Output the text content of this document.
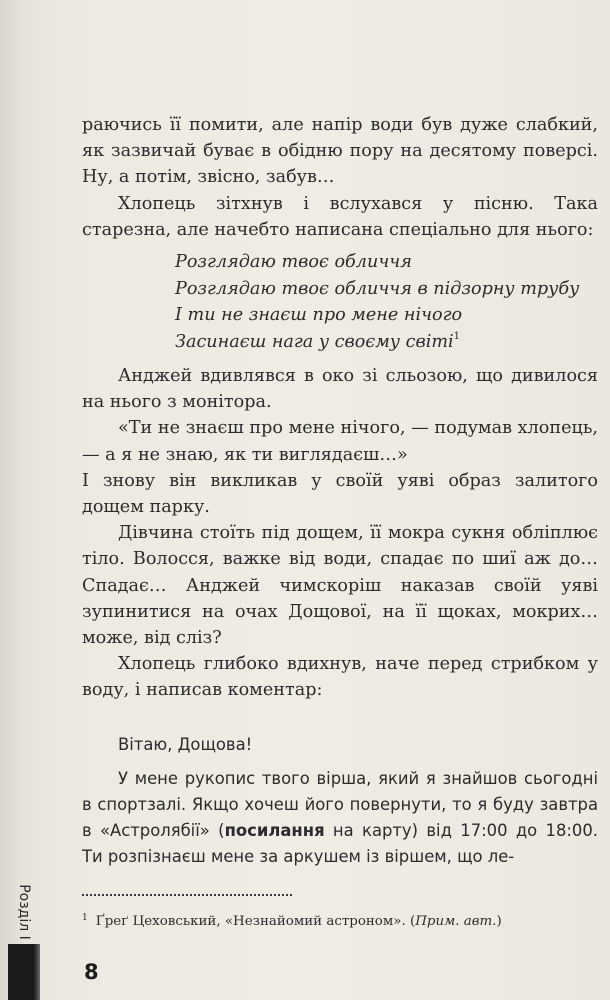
раючись її помити, але напір води був дуже слабкий, як зазвичай буває в обідню пору на десятому поверсі. Ну, а потім, звісно, забув…

Хлопець зітхнув і вслухався у пісню. Така старезна, але начебто написана спеціально для нього:

Розглядаю твоє обличчя
Розглядаю твоє обличчя в підзорну трубу
І ти не знаєш про мене нічого
Засинаєш нага у своєму світі$^1$

Анджей вдивлявся в око зі сльозою, що дивилося на нього з монітора.

«Ти не знаєш про мене нічого, — подумав хлопець, — а я не знаю, як ти виглядаєш…»

І знову він викликав у своїй уяві образ залитого дощем парку.

Дівчина стоїть під дощем, її мокра сукня обліплює тіло. Волосся, важке від води, спадає по шиї аж до… Спадає… Анджей чимскоріш наказав своїй уяві зупинитися на очах Дощової, на її щоках, мокрих… може, від сліз?

Хлопець глибоко вдихнув, наче перед стрибком у воду, і написав коментар:

Вітаю, Дощова!

У мене рукопис твого вірша, який я знайшов сьогодні в спортзалі. Якщо хочеш його повернути, то я буду завтра в «Астролябії» (посилання на карту) від 17:00 до 18:00. Ти розпізнаєш мене за аркушем із віршем, що ле-

$^1$ Ґреґ Цеховський, «Незнайомий астроном». (Прим. авт.)
Розділ I
8
